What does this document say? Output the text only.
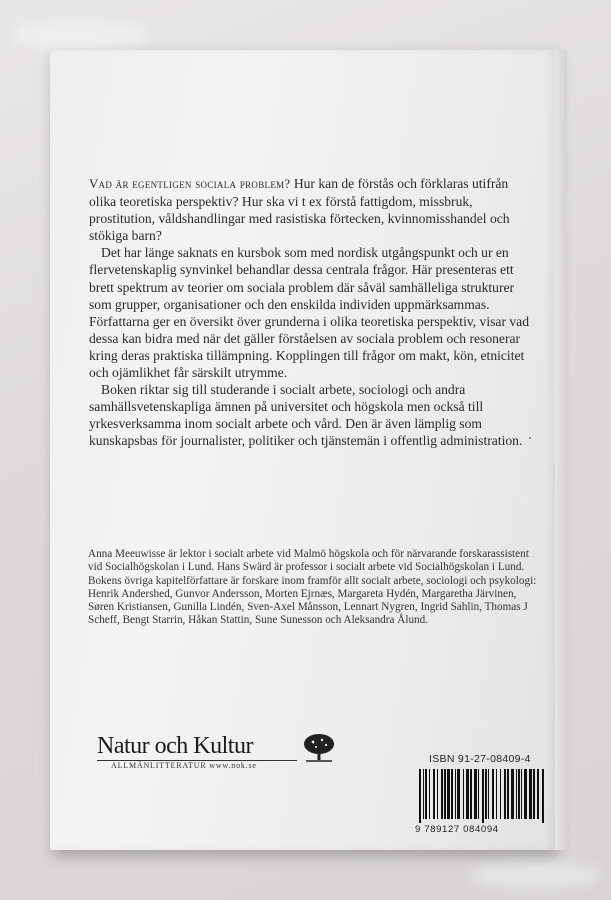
Vad är egentligen sociala problem? Hur kan de förstås och förklaras utifrån olika teoretiska perspektiv? Hur ska vi t ex förstå fattigdom, missbruk, prostitution, våldshandlingar med rasistiska förtecken, kvinnomisshandel och stökiga barn?

Det har länge saknats en kursbok som med nordisk utgångspunkt och ur en flervetenskaplig synvinkel behandlar dessa centrala frågor. Här presenteras ett brett spektrum av teorier om sociala problem där såväl samhälleliga strukturer som grupper, organisationer och den enskilda individen uppmärksammas. Författarna ger en översikt över grunderna i olika teoretiska perspektiv, visar vad dessa kan bidra med när det gäller förståelsen av sociala problem och resonerar kring deras praktiska tillämpning. Kopplingen till frågor om makt, kön, etnicitet och ojämlikhet får särskilt utrymme.

Boken riktar sig till studerande i socialt arbete, sociologi och andra samhällsvetenskapliga ämnen på universitet och högskola men också till yrkesverksamma inom socialt arbete och vård. Den är även lämplig som kunskapsbas för journalister, politiker och tjänstemän i offentlig administration.

Anna Meeuwisse är lektor i socialt arbete vid Malmö högskola och för närvarande forskarassistent vid Socialhögskolan i Lund. Hans Swärd är professor i socialt arbete vid Socialhögskolan i Lund. Bokens övriga kapitelförfattare är forskare inom framför allt socialt arbete, sociologi och psykologi: Henrik Andershed, Gunvor Andersson, Morten Ejrnæs, Margareta Hydén, Margaretha Järvinen, Søren Kristiansen, Gunilla Lindén, Sven-Axel Månsson, Lennart Nygren, Ingrid Sahlin, Thomas J Scheff, Bengt Starrin, Håkan Stattin, Sune Sunesson och Aleksandra Ålund.
Natur och Kultur
ALLMÄNLITTERATUR www.nok.se
ISBN 91-27-08409-4
9 789127 084094
